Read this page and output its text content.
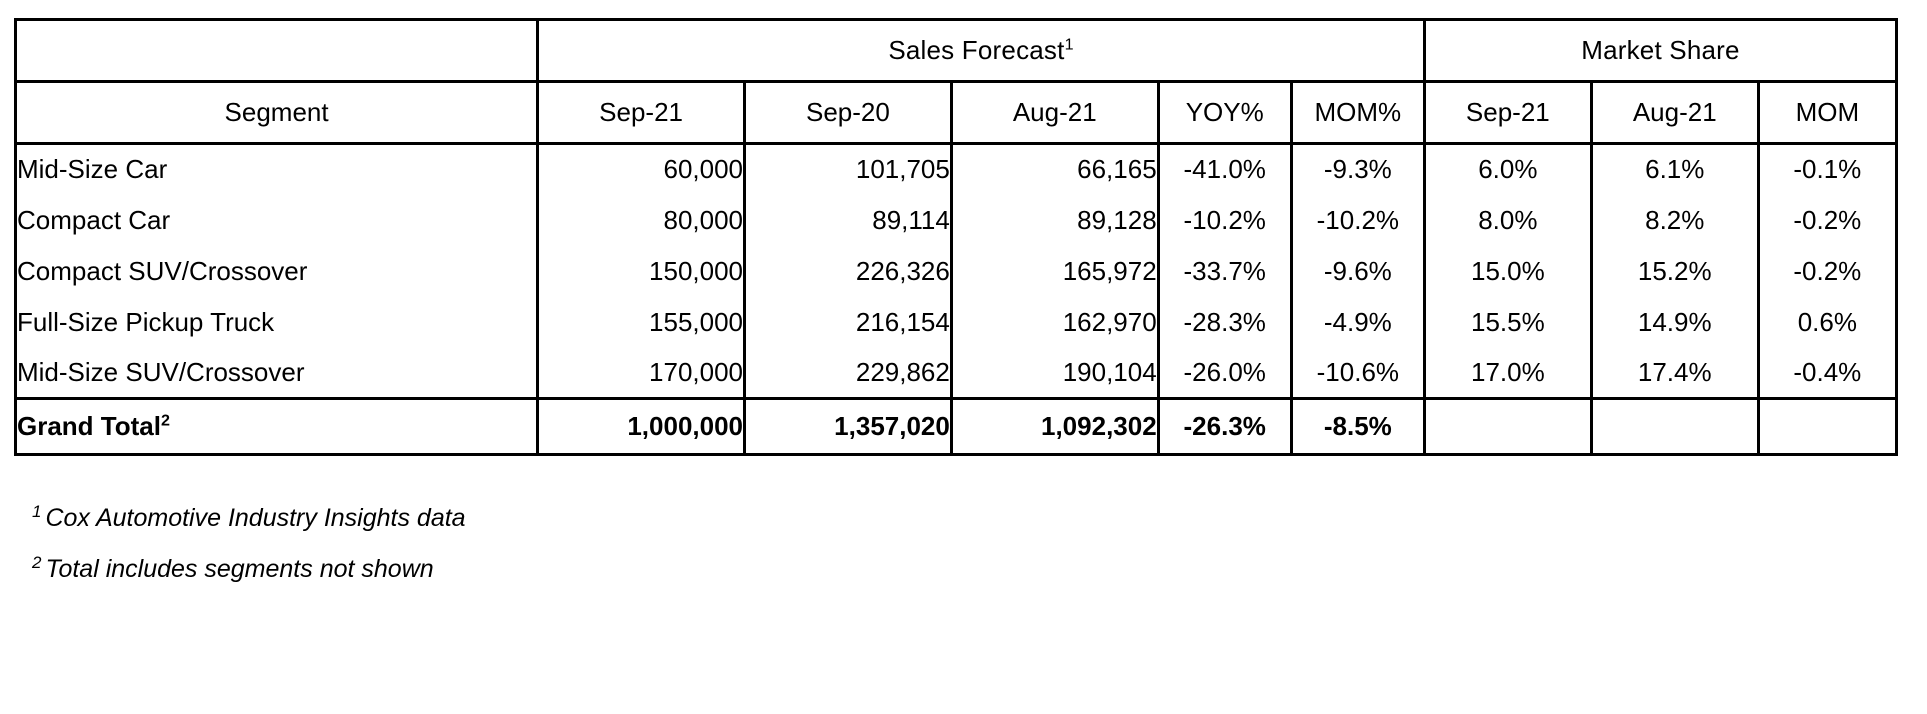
	Sales Forecast$^1$					Market Share		
Segment	Sep-21	Sep-20	Aug-21	YOY%	MOM%	Sep-21	Aug-21	MOM
Mid-Size Car	60,000	101,705	66,165	-41.0%	-9.3%	6.0%	6.1%	-0.1%
Compact Car	80,000	89,114	89,128	-10.2%	-10.2%	8.0%	8.2%	-0.2%
Compact SUV/Crossover	150,000	226,326	165,972	-33.7%	-9.6%	15.0%	15.2%	-0.2%
Full-Size Pickup Truck	155,000	216,154	162,970	-28.3%	-4.9%	15.5%	14.9%	0.6%
Mid-Size SUV/Crossover	170,000	229,862	190,104	-26.0%	-10.6%	17.0%	17.4%	-0.4%
Grand Total$^2$	1,000,000	1,357,020	1,092,302	-26.3%	-8.5%			
$^1$ Cox Automotive Industry Insights data
$^2$ Total includes segments not shown
